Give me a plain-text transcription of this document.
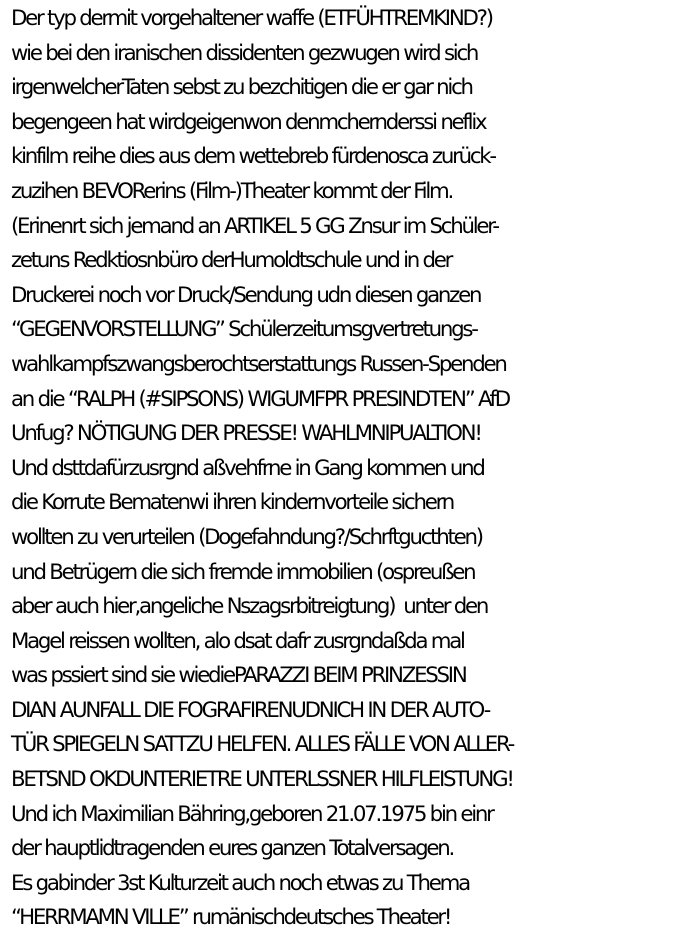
Der typ dermit vorgehaltener waffe (ETFÜHTREMKIND?)
wie bei den iranischen dissidenten gezwugen wird sich
irgenwelcherTaten sebst zu bezchitigen die er gar nich
begengeen hat wirdgeigenwon denmchernderssi neflix
kinfilm reihe dies aus dem wettebreb fürdenosca zurück-
zuzihen BEVORerins (Film-)Theater kommt der Film.
(Erinenrt sich jemand an ARTIKEL 5 GG Znsur im Schüler-
zetuns Redktiosnbüro derHumoldtschule und in der
Druckerei noch vor Druck/Sendung udn diesen ganzen
“GEGENVORSTELLUNG” Schülerzeitumsgvertretungs-
wahlkampfszwangsberochtserstattungs Russen-Spenden
an die “RALPH (#SIPSONS) WIGUMFPR PRESINDTEN” AfD
Unfug? NÖTIGUNG DER PRESSE! WAHLMNIPUALTION!
Und dsttdafürzusrgnd aßvehfrne in Gang kommen und
die Korrute Bematenwi ihren kindernvorteile sichern
wollten zu verurteilen (Dogefahndung?/Schrftgucthten)
und Betrügern die sich fremde immobilien (ospreußen
aber auch hier,angeliche Nszagsrbitreigtung)  unter den
Magel reissen wollten, alo dsat dafr zusrgndaßda mal
was pssiert sind sie wiediePARAZZI BEIM PRINZESSIN
DIAN AUNFALL DIE FOGRAFIRENUDNICH IN DER AUTO-
TÜR SPIEGELN SATTZU HELFEN. ALLES FÄLLE VON ALLER-
BETSND OKDUNTERIETRE UNTERLSSNER HILFLEISTUNG!
Und ich Maximilian Bähring,geboren 21.07.1975 bin einr
der hauptlidtragenden eures ganzen Totalversagen.
Es gabinder 3st Kulturzeit auch noch etwas zu Thema
“HERRMAMN VILLE” rumänischdeutsches Theater!
